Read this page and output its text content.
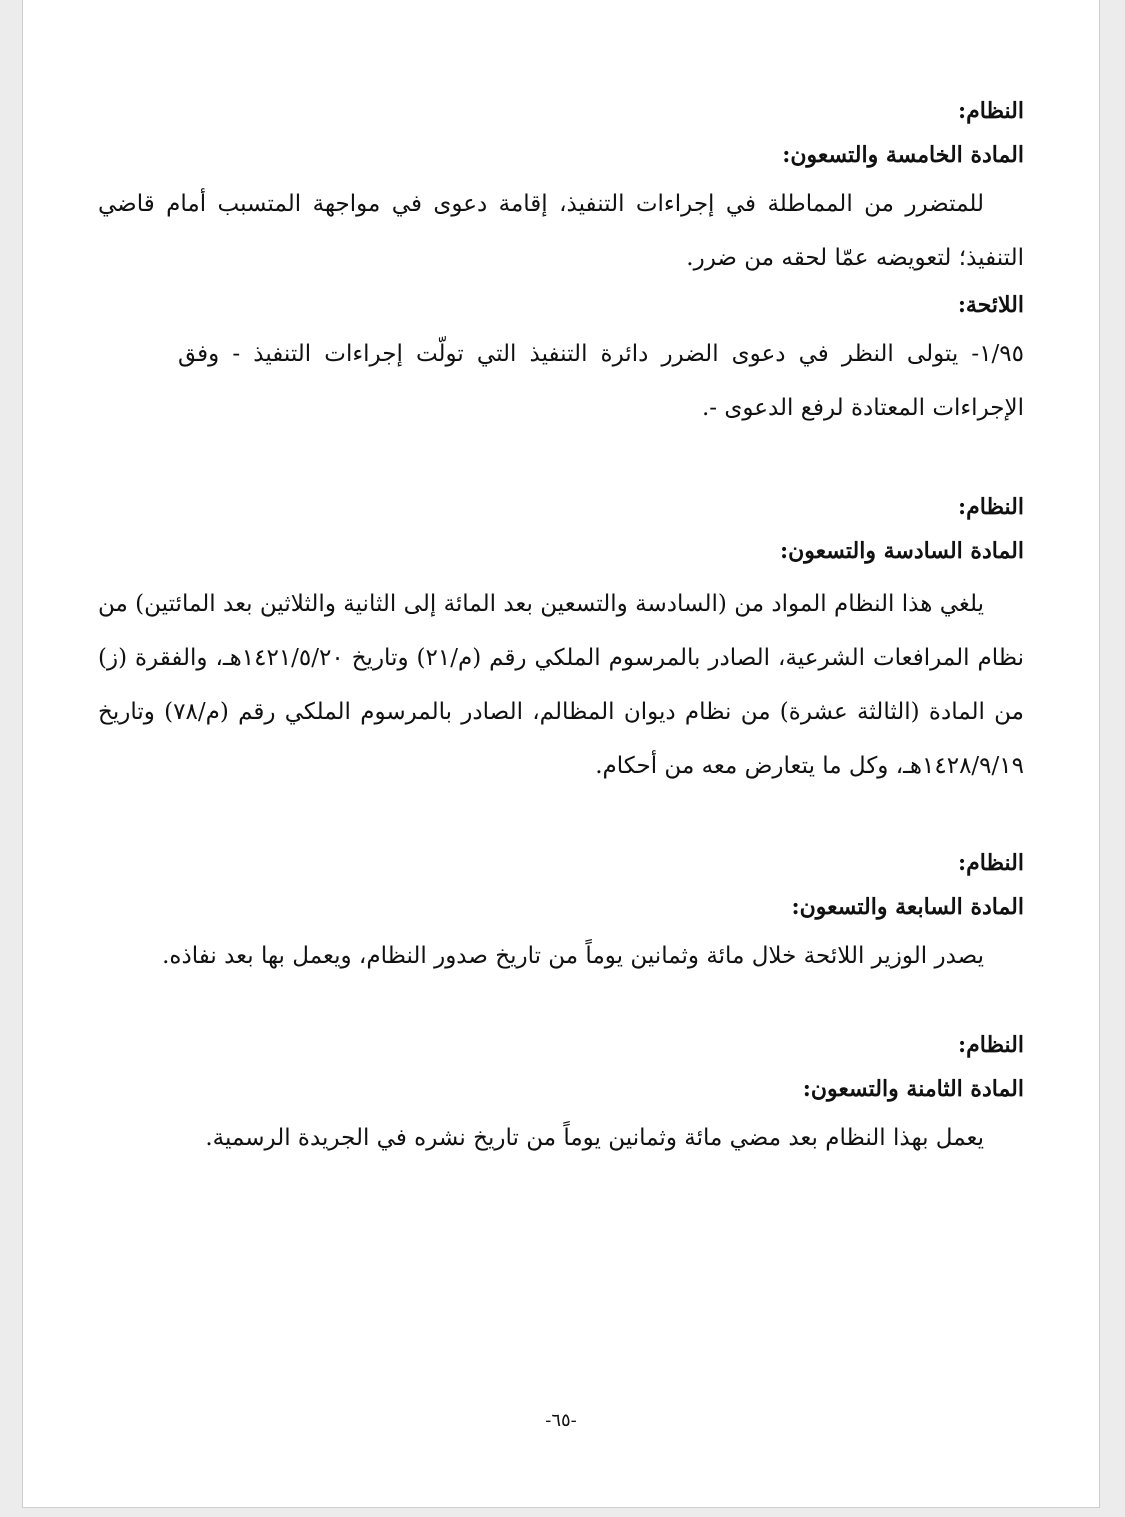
النظام:

المادة الخامسة والتسعون:

للمتضرر من المماطلة في إجراءات التنفيذ، إقامة دعوى في مواجهة المتسبب أمام قاضي التنفيذ؛ لتعويضه عمّا لحقه من ضرر.

اللائحة:

١/٩٥- يتولى النظر في دعوى الضرر دائرة التنفيذ التي تولّت إجراءات التنفيذ - وفق الإجراءات المعتادة لرفع الدعوى -.

النظام:

المادة السادسة والتسعون:

يلغي هذا النظام المواد من (السادسة والتسعين بعد المائة إلى الثانية والثلاثين بعد المائتين) من نظام المرافعات الشرعية، الصادر بالمرسوم الملكي رقم (م/٢١) وتاريخ ١٤٢١/٥/٢٠هـ، والفقرة (ز) من المادة (الثالثة عشرة) من نظام ديوان المظالم، الصادر بالمرسوم الملكي رقم (م/٧٨) وتاريخ ١٤٢٨/٩/١٩هـ، وكل ما يتعارض معه من أحكام.

النظام:

المادة السابعة والتسعون:

يصدر الوزير اللائحة خلال مائة وثمانين يوماً من تاريخ صدور النظام، ويعمل بها بعد نفاذه.

النظام:

المادة الثامنة والتسعون:

يعمل بهذا النظام بعد مضي مائة وثمانين يوماً من تاريخ نشره في الجريدة الرسمية.

-٦٥-
